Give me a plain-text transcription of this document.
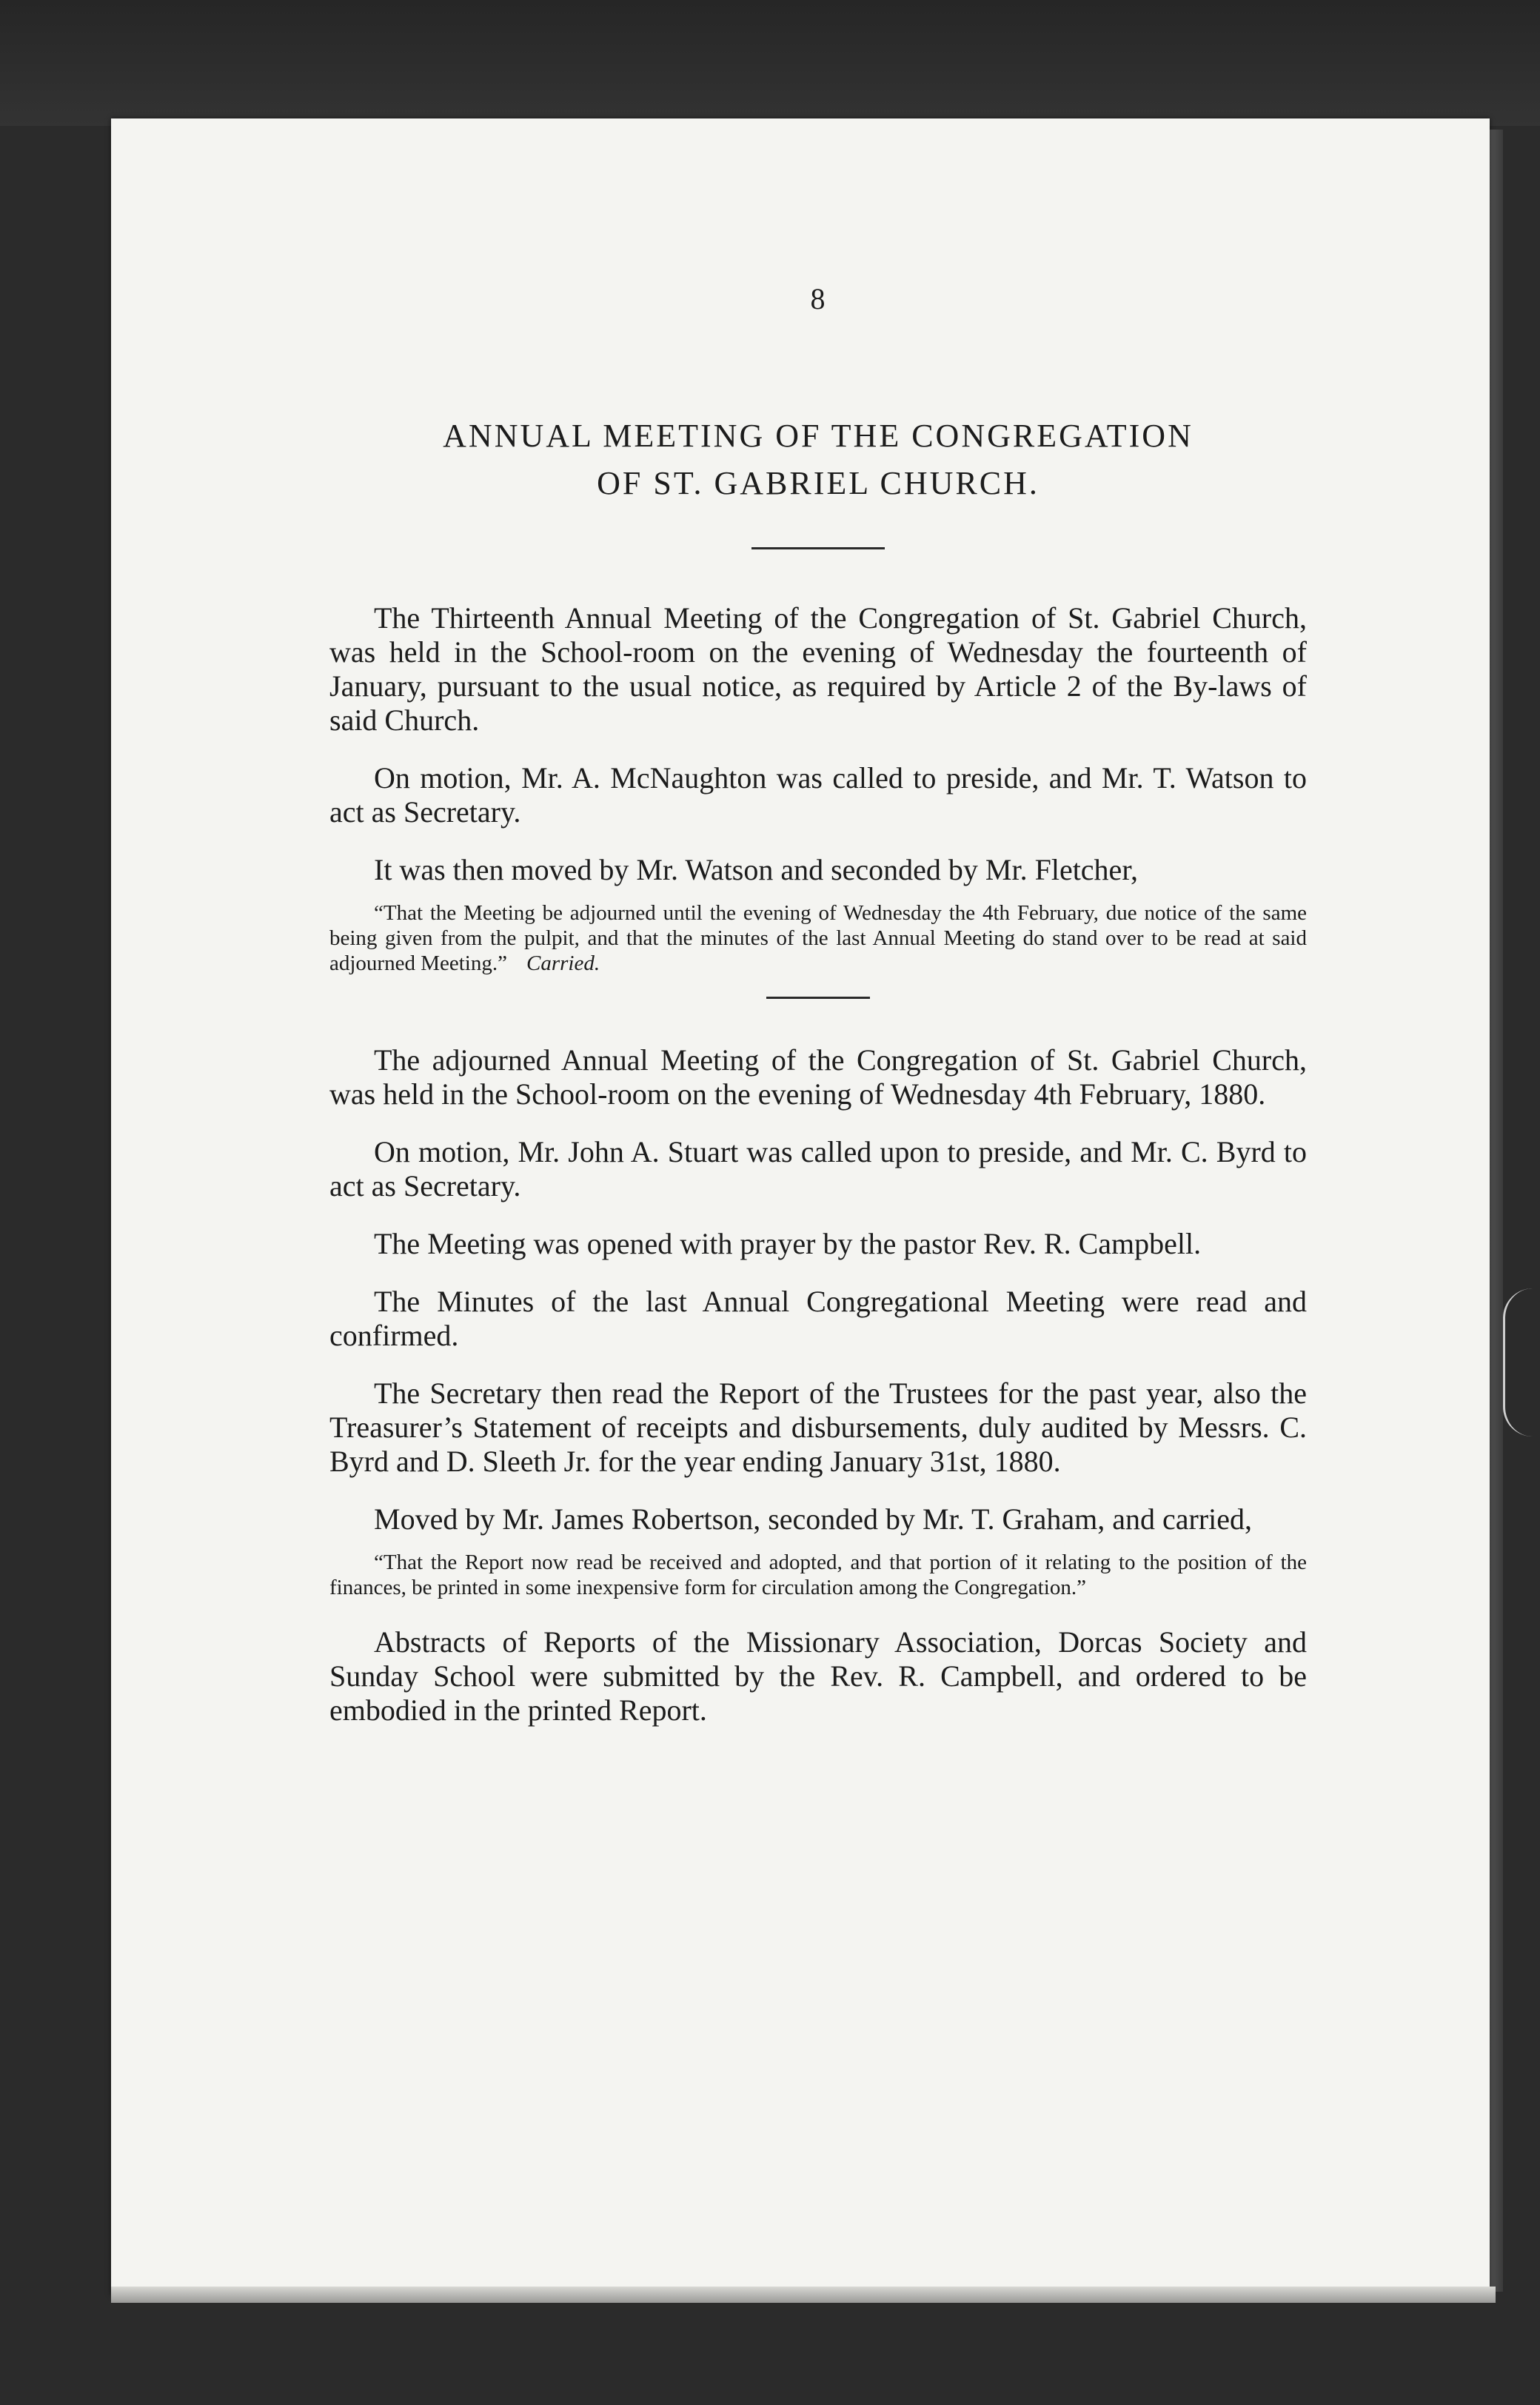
8
ANNUAL MEETING OF THE CONGREGATION
OF ST. GABRIEL CHURCH.

The Thirteenth Annual Meeting of the Congregation of St. Gabriel Church, was held in the School-room on the evening of Wednesday the fourteenth of January, pursuant to the usual notice, as required by Article 2 of the By-laws of said Church.

On motion, Mr. A. McNaughton was called to preside, and Mr. T. Watson to act as Secretary.

It was then moved by Mr. Watson and seconded by Mr. Fletcher,

“That the Meeting be adjourned until the evening of Wednesday the 4th February, due notice of the same being given from the pulpit, and that the minutes of the last Annual Meeting do stand over to be read at said adjourned Meeting.” Carried.

The adjourned Annual Meeting of the Congregation of St. Gabriel Church, was held in the School-room on the evening of Wednesday 4th February, 1880.

On motion, Mr. John A. Stuart was called upon to preside, and Mr. C. Byrd to act as Secretary.

The Meeting was opened with prayer by the pastor Rev. R. Campbell.

The Minutes of the last Annual Congregational Meeting were read and confirmed.

The Secretary then read the Report of the Trustees for the past year, also the Treasurer’s Statement of receipts and disbursements, duly audited by Messrs. C. Byrd and D. Sleeth Jr. for the year ending January 31st, 1880.

Moved by Mr. James Robertson, seconded by Mr. T. Graham, and carried,

“That the Report now read be received and adopted, and that portion of it relating to the position of the finances, be printed in some inexpensive form for circulation among the Congregation.”

Abstracts of Reports of the Missionary Association, Dorcas Society and Sunday School were submitted by the Rev. R. Campbell, and ordered to be embodied in the printed Report.
